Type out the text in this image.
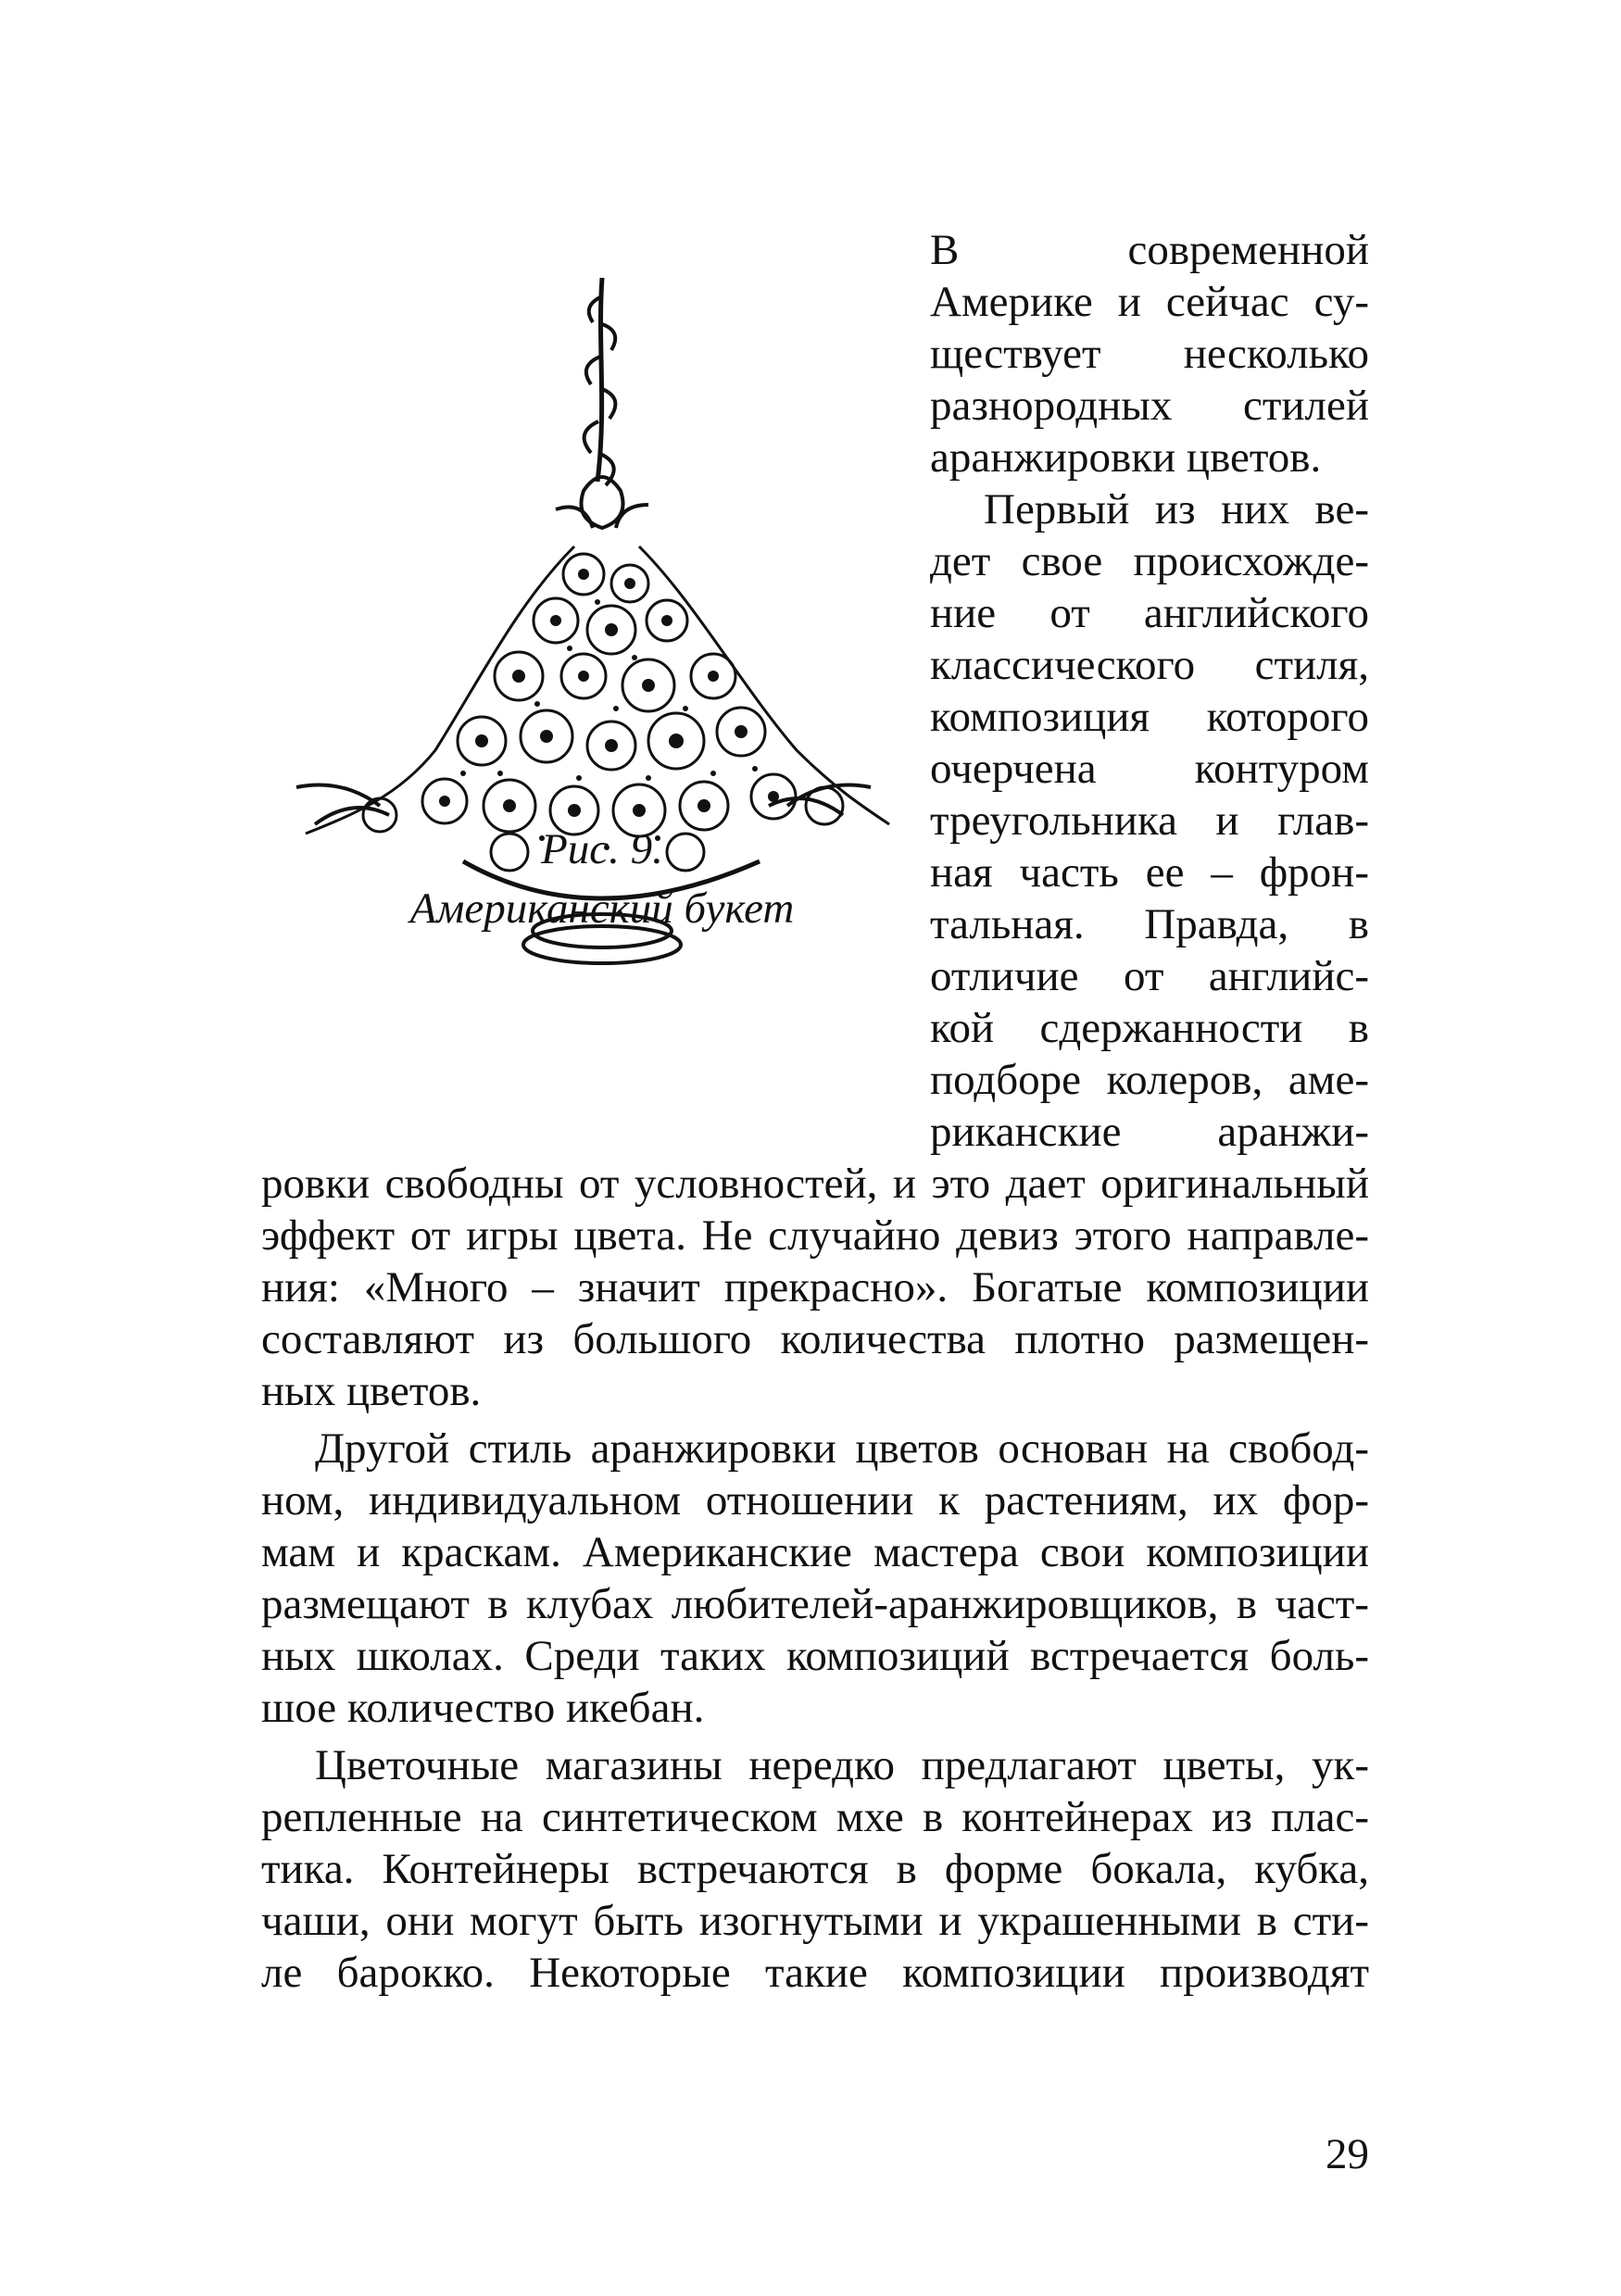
Рис. 9.
Американский букет
В современной
Америке и сейчас су-
ществует несколько
разнородных стилей
аранжировки цветов.
Первый из них ве-
дет свое происхожде-
ние от английского
классического стиля,
композиция которого
очерчена контуром
треугольника и глав-
ная часть ее – фрон-
тальная. Правда, в
отличие от английс-
кой сдержанности в
подборе колеров, аме-
риканские аранжи-
ровки свободны от условностей, и это дает оригинальный
эффект от игры цвета. Не случайно девиз этого направле-
ния: «Много – значит прекрасно». Богатые композиции
составляют из большого количества плотно размещен-
ных цветов.
Другой стиль аранжировки цветов основан на свобод-
ном, индивидуальном отношении к растениям, их фор-
мам и краскам. Американские мастера свои композиции
размещают в клубах любителей-аранжировщиков, в част-
ных школах. Среди таких композиций встречается боль-
шое количество икебан.
Цветочные магазины нередко предлагают цветы, ук-
репленные на синтетическом мхе в контейнерах из плас-
тика. Контейнеры встречаются в форме бокала, кубка,
чаши, они могут быть изогнутыми и украшенными в сти-
ле барокко. Некоторые такие композиции производят
29
